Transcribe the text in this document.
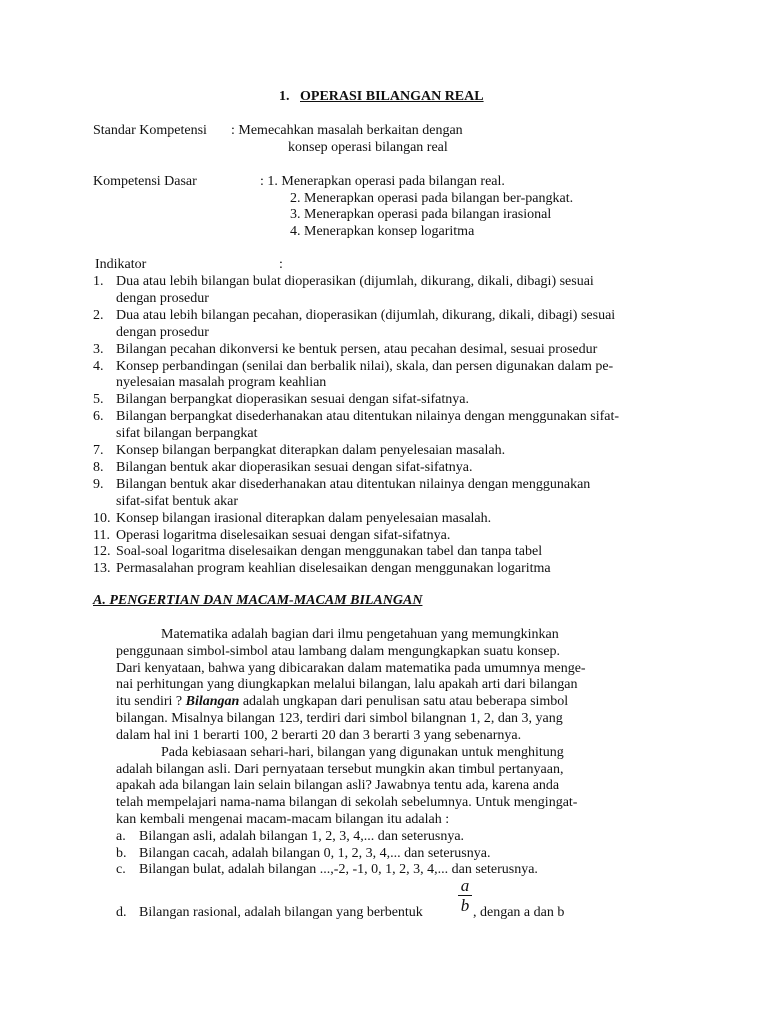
1. OPERASI BILANGAN REAL
Standar Kompetensi : Memecahkan masalah berkaitan dengan
konsep operasi bilangan real
Kompetensi Dasar	: 1. Menerapkan operasi pada bilangan real.
2. Menerapkan operasi pada bilangan ber-pangkat.
3. Menerapkan operasi pada bilangan irasional
4. Menerapkan konsep logaritma
Indikator	:
1. Dua atau lebih bilangan bulat dioperasikan (dijumlah, dikurang, dikali, dibagi) sesuai
dengan prosedur
2. Dua atau lebih bilangan pecahan, dioperasikan (dijumlah, dikurang, dikali, dibagi) sesuai
dengan prosedur
3. Bilangan pecahan dikonversi ke bentuk persen, atau pecahan desimal, sesuai prosedur
4. Konsep perbandingan (senilai dan berbalik nilai), skala, dan persen digunakan dalam pe-
nyelesaian masalah program keahlian
5. Bilangan berpangkat dioperasikan sesuai dengan sifat-sifatnya.
6. Bilangan berpangkat disederhanakan atau ditentukan nilainya dengan menggunakan sifat-
sifat bilangan berpangkat
7. Konsep bilangan berpangkat diterapkan dalam penyelesaian masalah.
8. Bilangan bentuk akar dioperasikan sesuai dengan sifat-sifatnya.
9. Bilangan bentuk akar disederhanakan atau ditentukan nilainya dengan menggunakan
sifat-sifat bentuk akar
10. Konsep bilangan irasional diterapkan dalam penyelesaian masalah.
11. Operasi logaritma diselesaikan sesuai dengan sifat-sifatnya.
12. Soal-soal logaritma diselesaikan dengan menggunakan tabel dan tanpa tabel
13. Permasalahan program keahlian diselesaikan dengan menggunakan logaritma
A. PENGERTIAN DAN MACAM-MACAM BILANGAN
Matematika adalah bagian dari ilmu pengetahuan yang memungkinkan
penggunaan simbol-simbol atau lambang dalam mengungkapkan suatu konsep.
Dari kenyataan, bahwa yang dibicarakan dalam matematika pada umumnya menge-
nai perhitungan yang diungkapkan melalui bilangan, lalu apakah arti dari bilangan
itu sendiri ? Bilangan adalah ungkapan dari penulisan satu atau beberapa simbol
bilangan. Misalnya bilangan 123, terdiri dari simbol bilangnan 1, 2, dan 3, yang
dalam hal ini 1 berarti 100, 2 berarti 20 dan 3 berarti 3 yang sebenarnya.
Pada kebiasaan sehari-hari, bilangan yang digunakan untuk menghitung
adalah bilangan asli. Dari pernyataan tersebut mungkin akan timbul pertanyaan,
apakah ada bilangan lain selain bilangan asli? Jawabnya tentu ada, karena anda
telah mempelajari nama-nama bilangan di sekolah sebelumnya. Untuk mengingat-
kan kembali mengenai macam-macam bilangan itu adalah :
a. Bilangan asli, adalah bilangan 1, 2, 3, 4,... dan seterusnya.
b. Bilangan cacah, adalah bilangan 0, 1, 2, 3, 4,... dan seterusnya.
c. Bilangan bulat, adalah bilangan ...,-2, -1, 0, 1, 2, 3, 4,... dan seterusnya.
a
b
d. Bilangan rasional, adalah bilangan yang berbentuk	, dengan a dan b
